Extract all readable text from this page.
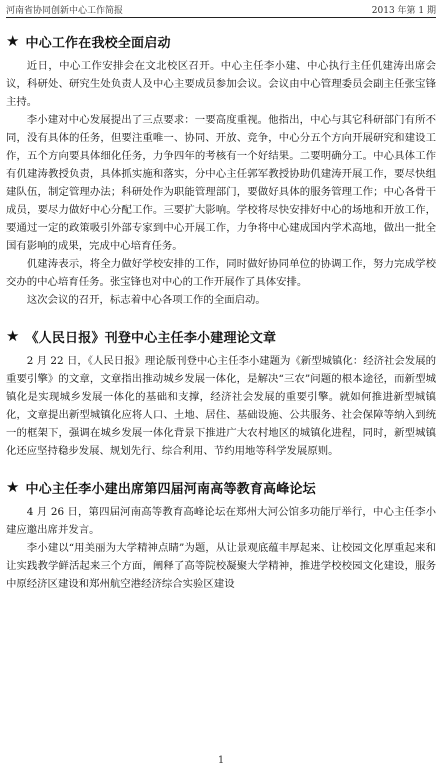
河南省协同创新中心工作简报	2013 年第 1 期
★ 中心工作在我校全面启动

近日，中心工作安排会在文北校区召开。中心主任李小建、中心执行主任仉建涛出席会议，科研处、研究生处负责人及中心主要成员参加会议。会议由中心管理委员会副主任张宝锋主持。

李小建对中心发展提出了三点要求：一要高度重视。他指出，中心与其它科研部门有所不同，没有具体的任务，但要注重唯一、协同、开放、竞争，中心分五个方向开展研究和建设工作，五个方向要具体细化任务，力争四年的考核有一个好结果。二要明确分工。中心具体工作有仉建涛教授负责，具体抓实施和落实，分中心主任郭军教授协助仉建涛开展工作，要尽快组建队伍，制定管理办法；科研处作为职能管理部门，要做好具体的服务管理工作；中心各骨干成员，要尽力做好中心分配工作。三要扩大影响。学校将尽快安排好中心的场地和开放工作，要通过一定的政策吸引外部专家到中心开展工作，力争将中心建成国内学术高地，做出一批全国有影响的成果，完成中心培育任务。

仉建涛表示，将全力做好学校安排的工作，同时做好协同单位的协调工作，努力完成学校交办的中心培育任务。张宝锋也对中心的工作开展作了具体安排。

这次会议的召开，标志着中心各项工作的全面启动。

★ 《人民日报》刊登中心主任李小建理论文章

2 月 22 日，《人民日报》理论版刊登中心主任李小建题为《新型城镇化：经济社会发展的重要引擎》的文章，文章指出推动城乡发展一体化，是解决“三农”问题的根本途径，而新型城镇化是实现城乡发展一体化的基础和支撑，经济社会发展的重要引擎。就如何推进新型城镇化，文章提出新型城镇化应将人口、土地、居住、基础设施、公共服务、社会保障等纳入到统一的框架下，强调在城乡发展一体化背景下推进广大农村地区的城镇化进程，同时，新型城镇化还应坚持稳步发展、规划先行、综合利用、节约用地等科学发展原则。

★ 中心主任李小建出席第四届河南高等教育高峰论坛

4 月 26 日，第四届河南高等教育高峰论坛在郑州大河公馆多功能厅举行，中心主任李小建应邀出席并发言。

李小建以“用美丽为大学精神点睛”为题，从让景观底蕴丰厚起来、让校园文化厚重起来和让实践教学鲜活起来三个方面，阐释了高等院校凝聚大学精神，推进学校校园文化建设，服务中原经济区建设和郑州航空港经济综合实验区建设

1
